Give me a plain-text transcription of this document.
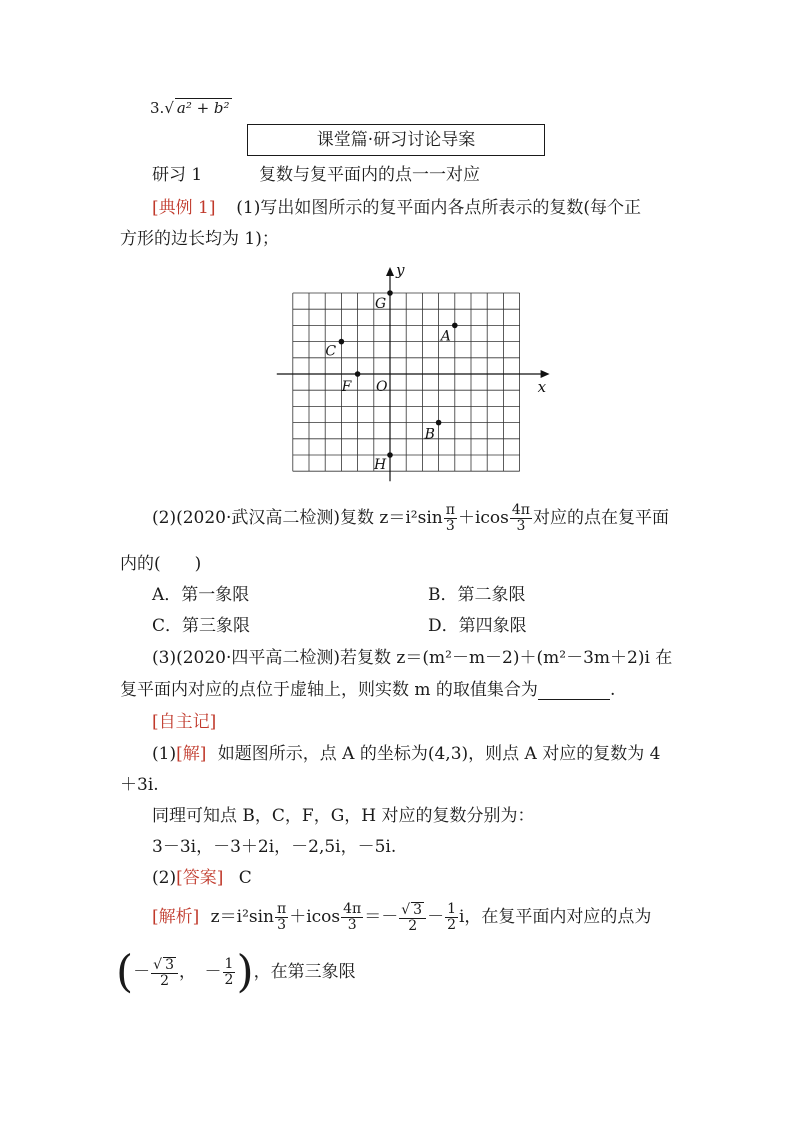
3.√ a² + b²
课堂篇·研习讨论导案
研习 1	复数与复平面内的点一一对应
[典例 1] (1)写出如图所示的复平面内各点所表示的复数(每个正
方形的边长均为 1)；
x
y
O
A
B
C
F
G
H
(2)(2020·武汉高二检测)复数 $z=i^2\sin \frac{\pi}{3} +icos \frac{4\pi}{3}$ 对应的点在复平面
内的(　　)
A．第一象限	B．第二象限
C．第三象限	D．第四象限
(3)(2020·四平高二检测)若复数 z＝(m²－m－2)＋(m²－3m＋2)i 在
复平面内对应的点位于虚轴上，则实数 m 的取值集合为	.
[自主记]
(1)[解] 如题图所示，点 A 的坐标为(4,3)，则点 A 对应的复数为 4
＋3i.
同理可知点 B，C，F，G，H 对应的复数分别为：
3－3i，－3＋2i，－2,5i，－5i.
(2)[答案] C
[解析] $z=i^2\sin \frac{\pi}{3} +icos \frac{4\pi}{3} =- \frac{√ 3}{2} - \frac{1}{2}$ i，在复平面内对应的点为
(－ $\frac{√ 3}{2}$ ，　－ $\frac{1}{2}$ )，在第三象限
